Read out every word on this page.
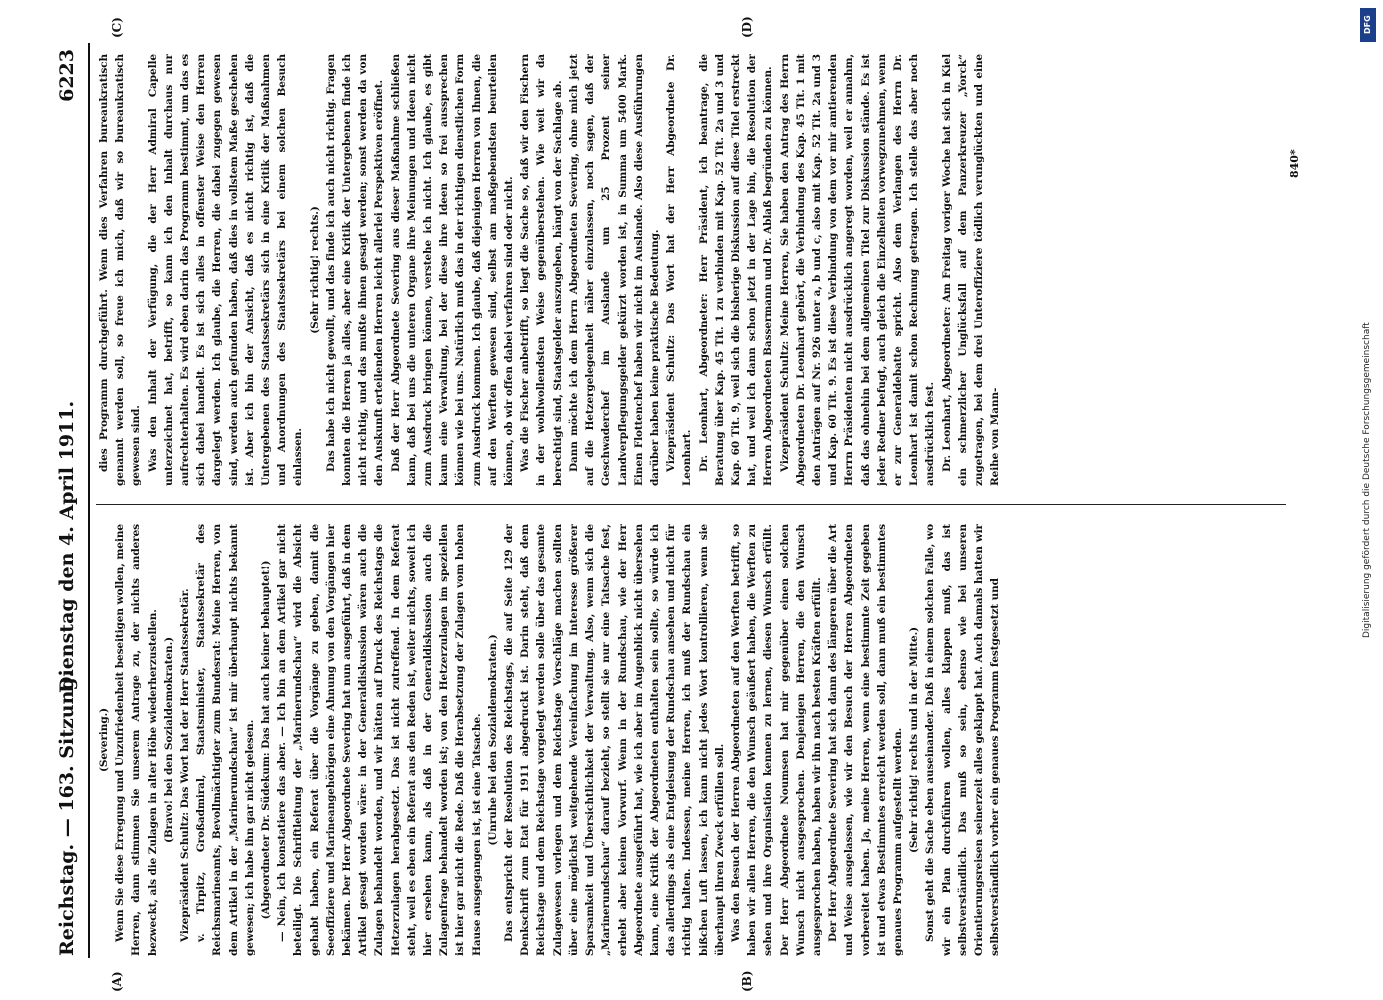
Reichstag. — 163. Sitzung.
Dienstag den 4. April 1911.
6223

(Severing.) Wenn Sie diese Erregung und Unzufriedenheit beseitigen wollen, meine Herren, dann stimmen Sie unserem Antrage zu, der nichts anderes bezweckt, als die Zulagen in alter Höhe wiederherzustellen. (Bravo! bei den Sozialdemokraten.) Vizepräsident Schultz: Das Wort hat der Herr Staatssekretär. v. Tirpitz, Großadmiral, Staatsminister, Staatssekretär des Reichsmarineamts, Bevollmächtigter zum Bundesrat: Meine Herren, von dem Artikel in der „Marinerundschau“ ist mir überhaupt nichts bekannt gewesen; ich habe ihn gar nicht gelesen. (Abgeordneter Dr. Südekum: Das hat auch keiner behauptet!) — Nein, ich konstatiere das aber. — Ich bin an dem Artikel gar nicht beteiligt. Die Schriftleitung der „Marinerundschau“ wird die Absicht gehabt haben, ein Referat über die Vorgänge zu geben, damit die Seeoffiziere und Marineangehörigen eine Ahnung von den Vorgängen hier bekämen. Der Herr Abgeordnete Severing hat nun ausgeführt, daß in dem Artikel gesagt worden wäre: in der Generaldiskussion wären auch die Zulagen behandelt worden, und wir hätten auf Druck des Reichstags die Hetzerzulagen herabgesetzt. Das ist nicht zutreffend. In dem Referat steht, weil es eben ein Referat aus den Reden ist, weiter nichts, soweit ich hier ersehen kann, als daß in der Generaldiskussion auch die Zulagenfrage behandelt worden ist; von den Hetzerzulagen im speziellen ist hier gar nicht die Rede. Daß die Herabsetzung der Zulagen vom hohen Hause ausgegangen ist, ist eine Tatsache. (Unruhe bei den Sozialdemokraten.) Das entspricht der Resolution des Reichstags, die auf Seite 129 der Denkschrift zum Etat für 1911 abgedruckt ist. Darin steht, daß dem Reichstage und dem Reichstage vorgelegt werden solle über das gesamte Zulagewesen vorlegen und dem Reichstage Vorschläge machen sollten über eine möglichst weitgehende Vereinfachung im Interesse größerer Sparsamkeit und Übersichtlichkeit der Verwaltung. Also, wenn sich die „Marinerundschau“ darauf bezieht, so stellt sie nur eine Tatsache fest, erhebt aber keinen Vorwurf. Wenn in der Rundschau, wie der Herr Abgeordnete ausgeführt hat, wie ich aber im Augenblick nicht übersehen kann, eine Kritik der Abgeordneten enthalten sein sollte, so würde ich das allerdings als eine Entgleisung der Rundschau ansehen und nicht für richtig halten. Indessen, meine Herren, ich muß der Rundschau ein bißchen Luft lassen, ich kann nicht jedes Wort kontrollieren, wenn sie überhaupt ihren Zweck erfüllen soll. Was den Besuch der Herren Abgeordneten auf den Werften betrifft, so haben wir allen Herren, die den Wunsch geäußert haben, die Werften zu sehen und ihre Organisation kennen zu lernen, diesen Wunsch erfüllt. Der Herr Abgeordnete Noumsen hat mir gegenüber einen solchen Wunsch nicht ausgesprochen. Denjenigen Herren, die den Wunsch ausgesprochen haben, haben wir ihn nach besten Kräften erfüllt. Der Herr Abgeordnete Severing hat sich dann des längeren über die Art und Weise ausgelassen, wie wir den Besuch der Herren Abgeordneten vorbereitet haben. Ja, meine Herren, wenn eine bestimmte Zeit gegeben ist und etwas Bestimmtes erreicht werden soll, dann muß ein bestimmtes genaues Programm aufgestellt werden. (Sehr richtig! rechts und in der Mitte.) Sonst geht die Sache eben auseinander. Daß in einem solchen Falle, wo wir ein Plan durchführen wollen, alles klappen muß, das ist selbstverständlich. Das muß so sein, ebenso wie bei unseren Orientierungsreisen seinerzeit alles geklappt hat. Auch damals hatten wir selbstverständlich vorher ein genaues Programm festgesetzt und

dies Programm durchgeführt. Wenn dies Verfahren bureaukratisch genannt werden soll, so freue ich mich, daß wir so bureaukratisch gewesen sind. Was den Inhalt der Verfügung, die der Herr Admiral Capelle unterzeichnet hat, betrifft, so kann ich den Inhalt durchaus nur aufrechterhalten. Es wird eben darin das Programm bestimmt, um das es sich dabei handelt. Es ist sich alles in offenster Weise den Herren dargelegt werden. Ich glaube, die Herren, die dabei zugegen gewesen sind, werden auch gefunden haben, daß dies in vollstem Maße geschehen ist. Aber ich bin der Ansicht, daß es nicht richtig ist, daß die Untergebenen des Staatssekretärs sich in eine Kritik der Maßnahmen und Anordnungen des Staatssekretärs bei einem solchen Besuch einlassen.

(Sehr richtig! rechts.) Das habe ich nicht gewollt, und das finde ich auch nicht richtig. Fragen konnten die Herren ja alles, aber eine Kritik der Untergebenen finde ich nicht richtig, und das mußte ihnen gesagt werden; sonst werden da von den Auskunft erteilenden Herren leicht allerlei Perspektiven eröffnet. Daß der Herr Abgeordnete Severing aus dieser Maßnahme schließen kann, daß bei uns die unteren Organe ihre Meinungen und Ideen nicht zum Ausdruck bringen können, verstehe ich nicht. Ich glaube, es gibt kaum eine Verwaltung, bei der diese ihre Ideen so frei aussprechen können wie bei uns. Natürlich muß das in der richtigen dienstlichen Form zum Ausdruck kommen. Ich glaube, daß diejenigen Herren von Ihnen, die auf den Werften gewesen sind, selbst am maßgebendsten beurteilen können, ob wir offen dabei verfahren sind oder nicht. Was die Fischer anbetrifft, so liegt die Sache so, daß wir den Fischern in der wohlwollendsten Weise gegenüberstehen. Wie weit wir da berechtigt sind, Staatsgelder auszugeben, hängt von der Sachlage ab. Dann möchte ich dem Herrn Abgeordneten Severing, ohne mich jetzt auf die Hetzergelegenheit näher einzulassen, noch sagen, daß der Geschwaderchef im Auslande um 25 Prozent seiner Landverpflegungsgelder gekürzt worden ist, in Summa um 5400 Mark. Einen Flottenchef haben wir nicht im Auslande. Also diese Ausführungen darüber haben keine praktische Bedeutung. Vizepräsident Schultz: Das Wort hat der Herr Abgeordnete Dr. Leonhart. Dr. Leonhart, Abgeordneter: Herr Präsident, ich beantrage, die Beratung über Kap. 45 Tit. 1 zu verbinden mit Kap. 52 Tit. 2a und 3 und Kap. 60 Tit. 9, weil sich die bisherige Diskussion auf diese Titel erstreckt hat, und weil ich dann schon jetzt in der Lage bin, die Resolution der Herren Abgeordneten Bassermann und Dr. Ablaß begründen zu können. Vizepräsident Schultz: Meine Herren, Sie haben den Antrag des Herrn Abgeordneten Dr. Leonhart gehört, die Verbindung des Kap. 45 Tit. 1 mit den Anträgen auf Nr. 926 unter a, b und c, also mit Kap. 52 Tit. 2a und 3 und Kap. 60 Tit. 9. Es ist diese Verbindung von dem vor mir amtierenden Herrn Präsidenten nicht ausdrücklich angeregt worden, weil er annahm, daß das ohnehin bei dem allgemeinen Titel zur Diskussion stände. Es ist jeder Redner befugt, auch gleich die Einzelheiten vorwegzunehmen, wenn er zur Generaldebatte spricht. Also dem Verlangen des Herrn Dr. Leonhart ist damit schon Rechnung getragen. Ich stelle das aber noch ausdrücklich fest. Dr. Leonhart, Abgeordneter: Am Freitag voriger Woche hat sich in Kiel ein schmerzlicher Unglücksfall auf dem Panzerkreuzer „Yorck“ zugetragen, bei dem drei Unteroffiziere tödlich verunglückten und eine Reihe von Mann-

(A)	(B)
(C)	(D)
840*
DFG
Digitalisierung gefördert durch die Deutsche Forschungsgemeinschaft
